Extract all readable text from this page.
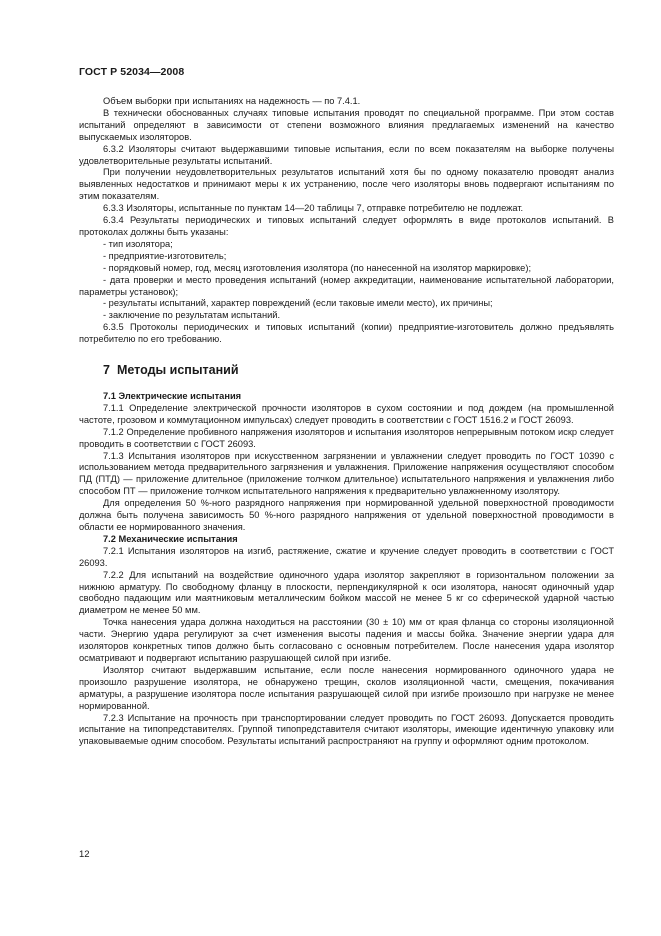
ГОСТ Р 52034—2008

Объем выборки при испытаниях на надежность — по 7.4.1.

В технически обоснованных случаях типовые испытания проводят по специальной программе. При этом состав испытаний определяют в зависимости от степени возможного влияния предлагаемых изменений на качество выпускаемых изоляторов.

6.3.2 Изоляторы считают выдержавшими типовые испытания, если по всем показателям на выборке получены удовлетворительные результаты испытаний.

При получении неудовлетворительных результатов испытаний хотя бы по одному показателю проводят анализ выявленных недостатков и принимают меры к их устранению, после чего изоляторы вновь подвергают испытаниям по этим показателям.

6.3.3 Изоляторы, испытанные по пунктам 14—20 таблицы 7, отправке потребителю не подлежат.

6.3.4 Результаты периодических и типовых испытаний следует оформлять в виде протоколов испытаний. В протоколах должны быть указаны:

- тип изолятора;

- предприятие-изготовитель;

- порядковый номер, год, месяц изготовления изолятора (по нанесенной на изолятор маркировке);

- дата проверки и место проведения испытаний (номер аккредитации, наименование испытательной лаборатории, параметры установок);

- результаты испытаний, характер повреждений (если таковые имели место), их причины;

- заключение по результатам испытаний.

6.3.5 Протоколы периодических и типовых испытаний (копии) предприятие-изготовитель должно предъявлять потребителю по его требованию.

7 Методы испытаний

7.1 Электрические испытания

7.1.1 Определение электрической прочности изоляторов в сухом состоянии и под дождем (на промышленной частоте, грозовом и коммутационном импульсах) следует проводить в соответствии с ГОСТ 1516.2 и ГОСТ 26093.

7.1.2 Определение пробивного напряжения изоляторов и испытания изоляторов непрерывным потоком искр следует проводить в соответствии с ГОСТ 26093.

7.1.3 Испытания изоляторов при искусственном загрязнении и увлажнении следует проводить по ГОСТ 10390 с использованием метода предварительного загрязнения и увлажнения. Приложение напряжения осуществляют способом ПД (ПТД) — приложение длительное (приложение толчком длительное) испытательного напряжения и увлажнения либо способом ПТ — приложение толчком испытательного напряжения к предварительно увлажненному изолятору.

Для определения 50 %-ного разрядного напряжения при нормированной удельной поверхностной проводимости должна быть получена зависимость 50 %-ного разрядного напряжения от удельной поверхностной проводимости в области ее нормированного значения.

7.2 Механические испытания

7.2.1 Испытания изоляторов на изгиб, растяжение, сжатие и кручение следует проводить в соответствии с ГОСТ 26093.

7.2.2 Для испытаний на воздействие одиночного удара изолятор закрепляют в горизонтальном положении за нижнюю арматуру. По свободному фланцу в плоскости, перпендикулярной к оси изолятора, наносят одиночный удар свободно падающим или маятниковым металлическим бойком массой не менее 5 кг со сферической ударной частью диаметром не менее 50 мм.

Точка нанесения удара должна находиться на расстоянии (30 ± 10) мм от края фланца со стороны изоляционной части. Энергию удара регулируют за счет изменения высоты падения и массы бойка. Значение энергии удара для изоляторов конкретных типов должно быть согласовано с основным потребителем. После нанесения удара изолятор осматривают и подвергают испытанию разрушающей силой при изгибе.

Изолятор считают выдержавшим испытание, если после нанесения нормированного одиночного удара не произошло разрушение изолятора, не обнаружено трещин, сколов изоляционной части, смещения, покачивания арматуры, а разрушение изолятора после испытания разрушающей силой при изгибе произошло при нагрузке не менее нормированной.

7.2.3 Испытание на прочность при транспортировании следует проводить по ГОСТ 26093. Допускается проводить испытание на типопредставителях. Группой типопредставителя считают изоляторы, имеющие идентичную упаковку или упаковываемые одним способом. Результаты испытаний распространяют на группу и оформляют одним протоколом.

12
